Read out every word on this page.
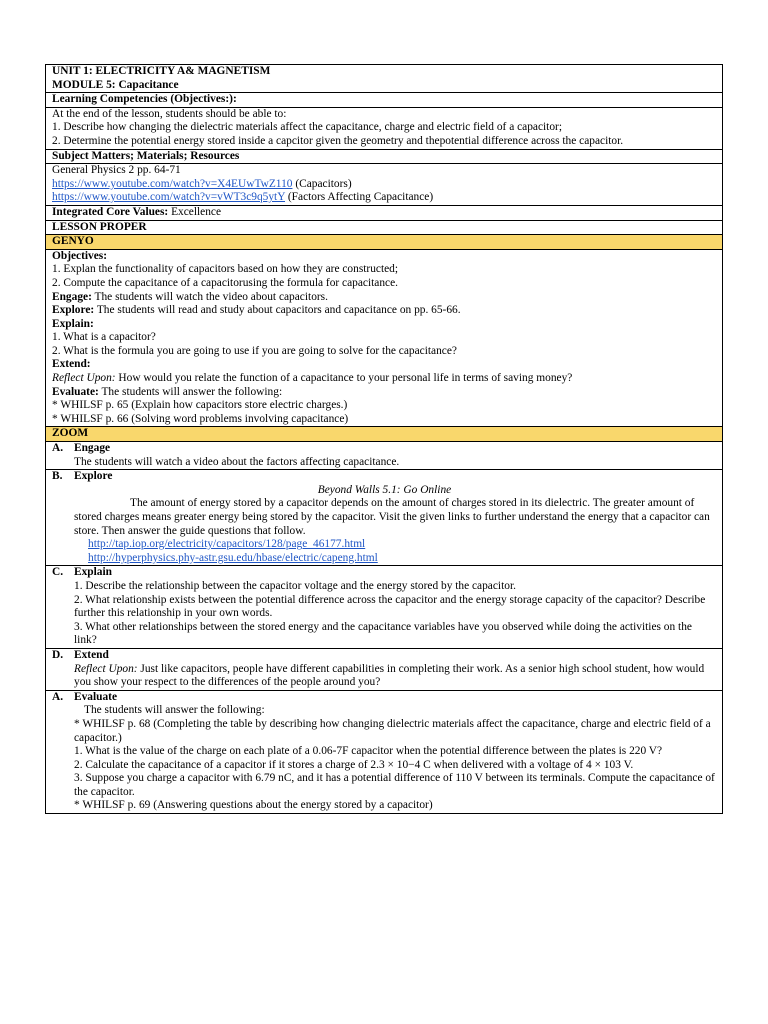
UNIT 1: ELECTRICITY A& MAGNETISM
MODULE 5: Capacitance

Learning Competencies (Objectives:):

At the end of the lesson, students should be able to:
1. Describe how changing the dielectric materials affect the capacitance, charge and electric field of a capacitor;
2. Determine the potential energy stored inside a capcitor given the geometry and thepotential difference across the capacitor.

Subject Matters; Materials; Resources

General Physics 2 pp. 64-71
https://www.youtube.com/watch?v=X4EUwTwZ110 (Capacitors)
https://www.youtube.com/watch?v=vWT3c9q5ytY (Factors Affecting Capacitance)

Integrated Core Values: Excellence
LESSON PROPER
GENYO

Objectives:
1. Explan the functionality of capacitors based on how they are constructed;
2. Compute the capacitance of a capacitorusing the formula for capacitance.
Engage: The students will watch the video about capacitors.
Explore: The students will read and study about capacitors and capacitance on pp. 65-66.
Explain:
1. What is a capacitor?
2. What is the formula you are going to use if you are going to solve for the capacitance?
Extend:
Reflect Upon: How would you relate the function of a capacitance to your personal life in terms of saving money?
Evaluate: The students will answer the following:
* WHILSF p. 65 (Explain how capacitors store electric charges.)
* WHILSF p. 66 (Solving word problems involving capacitance)

ZOOM

A. Engage
The students will watch a video about the factors affecting capacitance.

B. Explore
Beyond Walls 5.1: Go Online
The amount of energy stored by a capacitor depends on the amount of charges stored in its dielectric. The greater amount of stored charges means greater energy being stored by the capacitor. Visit the given links to further understand the energy that a capacitor can store. Then answer the guide questions that follow.
http://tap.iop.org/electricity/capacitors/128/page_46177.html
http://hyperphysics.phy-astr.gsu.edu/hbase/electric/capeng.html

C. Explain
1. Describe the relationship between the capacitor voltage and the energy stored by the capacitor.
2. What relationship exists between the potential difference across the capacitor and the energy storage capacity of the capacitor? Describe further this relationship in your own words.
3. What other relationships between the stored energy and the capacitance variables have you observed while doing the activities on the link?

D. Extend
Reflect Upon: Just like capacitors, people have different capabilities in completing their work. As a senior high school student, how would you show your respect to the differences of the people around you?

A. Evaluate
The students will answer the following:
* WHILSF p. 68 (Completing the table by describing how changing dielectric materials affect the capacitance, charge and electric field of a capacitor.)
1. What is the value of the charge on each plate of a 0.06-7F capacitor when the potential difference between the plates is 220 V?
2. Calculate the capacitance of a capacitor if it stores a charge of 2.3 × 10−4 C when delivered with a voltage of 4 × 103 V.
3. Suppose you charge a capacitor with 6.79 nC, and it has a potential difference of 110 V between its terminals. Compute the capacitance of the capacitor.
* WHILSF p. 69 (Answering questions about the energy stored by a capacitor)
